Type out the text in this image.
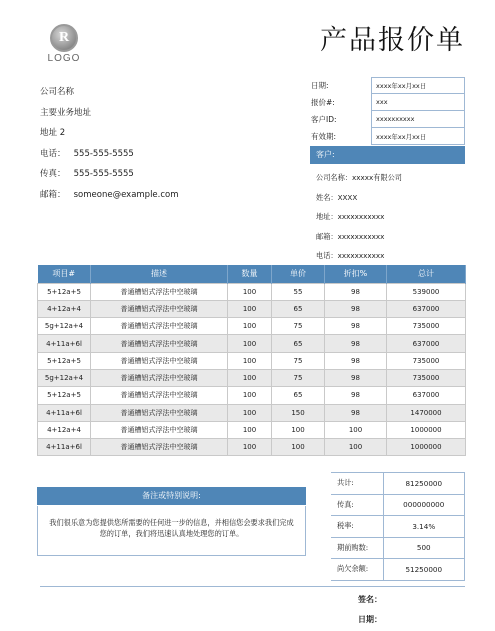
R
LOGO
产品报价单
公司名称
主要业务地址
地址 2
电话： 555-555-5555
传真： 555-555-5555
邮箱： someone@example.com
日期:	xxxx年xx月xx日
报价#:	xxx
客户ID:	xxxxxxxxxx
有效期:	xxxx年xx月xx日
客户:
公司名称：xxxxx有限公司
姓名：XXXX
地址：xxxxxxxxxxx
邮箱：xxxxxxxxxxx
电话：xxxxxxxxxxx
项目#	描述	数量	单价	折扣%	总计
5+12a+5	普通槽铝式浮法中空玻璃	100	55	98	539000
4+12a+4	普通槽铝式浮法中空玻璃	100	65	98	637000
5g+12a+4	普通槽铝式浮法中空玻璃	100	75	98	735000
4+11a+6l	普通槽铝式浮法中空玻璃	100	65	98	637000
5+12a+5	普通槽铝式浮法中空玻璃	100	75	98	735000
5g+12a+4	普通槽铝式浮法中空玻璃	100	75	98	735000
5+12a+5	普通槽铝式浮法中空玻璃	100	65	98	637000
4+11a+6l	普通槽铝式浮法中空玻璃	100	150	98	1470000
4+12a+4	普通槽铝式浮法中空玻璃	100	100	100	1000000
4+11a+6l	普通槽铝式浮法中空玻璃	100	100	100	1000000
备注或特别说明:
我们很乐意为您提供您所需要的任何进一步的信息，并相信您会要求我们完成您的订单，我们将迅速认真地处理您的订单。
共计:	81250000
传真:	000000000
税率:	3.14%
期前购数:	500
尚欠余额:	51250000
签名：
日期：
